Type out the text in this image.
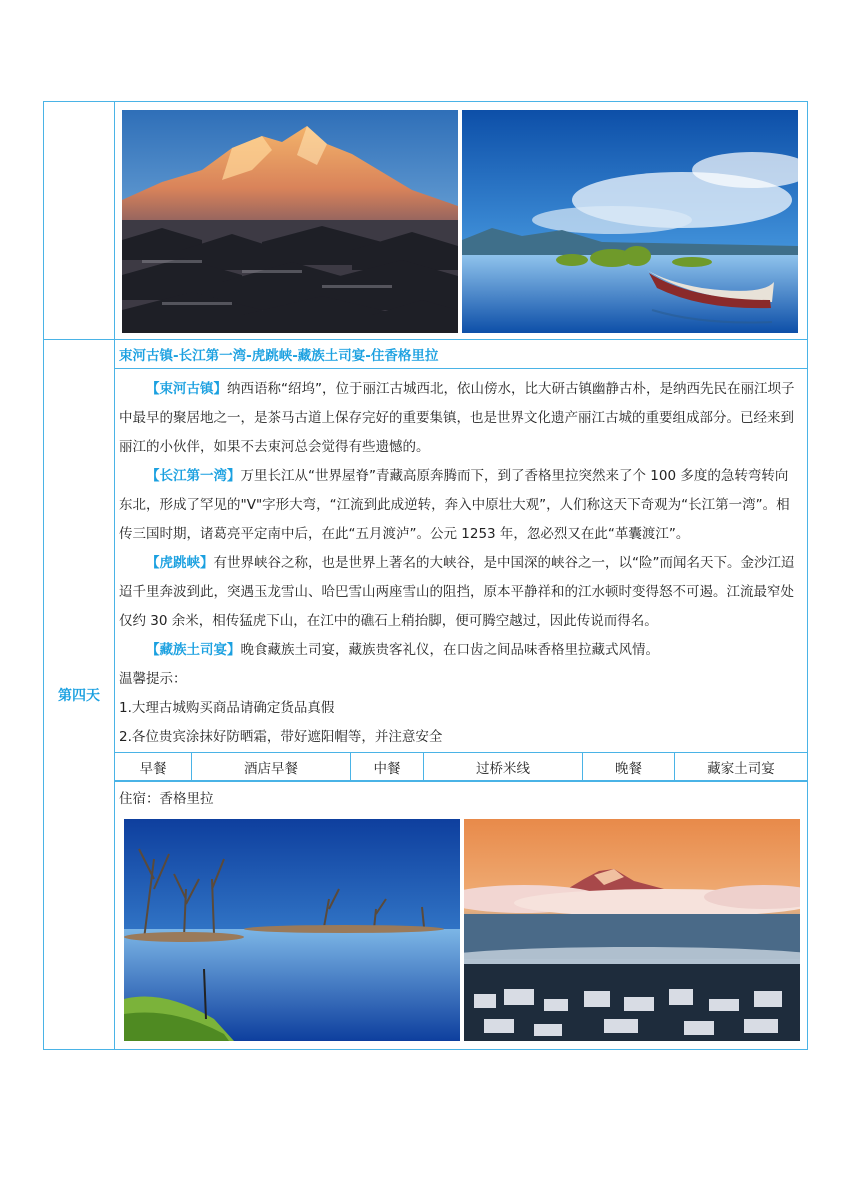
第四天	
束河古镇-长江第一湾-虎跳峡-藏族土司宴-住香格里拉

【束河古镇】纳西语称“绍坞”，位于丽江古城西北，依山傍水，比大研古镇幽静古朴，是纳西先民在丽江坝子中最早的聚居地之一，是茶马古道上保存完好的重要集镇，也是世界文化遗产丽江古城的重要组成部分。已经来到丽江的小伙伴，如果不去束河总会觉得有些遗憾的。

【长江第一湾】万里长江从“世界屋脊”青藏高原奔腾而下，到了香格里拉突然来了个 100 多度的急转弯转向东北，形成了罕见的"V"字形大弯，“江流到此成逆转，奔入中原壮大观”，人们称这天下奇观为“长江第一湾”。相传三国时期，诸葛亮平定南中后，在此“五月渡泸”。公元 1253 年，忽必烈又在此“革囊渡江”。

【虎跳峡】有世界峡谷之称，也是世界上著名的大峡谷，是中国深的峡谷之一，以“险”而闻名天下。金沙江迢迢千里奔波到此，突遇玉龙雪山、哈巴雪山两座雪山的阻挡，原本平静祥和的江水顿时变得怒不可遏。江流最窄处仅约 30 余米，相传猛虎下山，在江中的礁石上稍抬脚，便可腾空越过，因此传说而得名。

【藏族土司宴】晚食藏族土司宴，藏族贵客礼仪，在口齿之间品味香格里拉藏式风情。

温馨提示：

1.大理古城购买商品请确定货品真假

2.各位贵宾涂抹好防晒霜，带好遮阳帽等，并注意安全

早餐	酒店早餐	中餐	过桥米线	晚餐	藏家土司宴
住宿：香格里拉
